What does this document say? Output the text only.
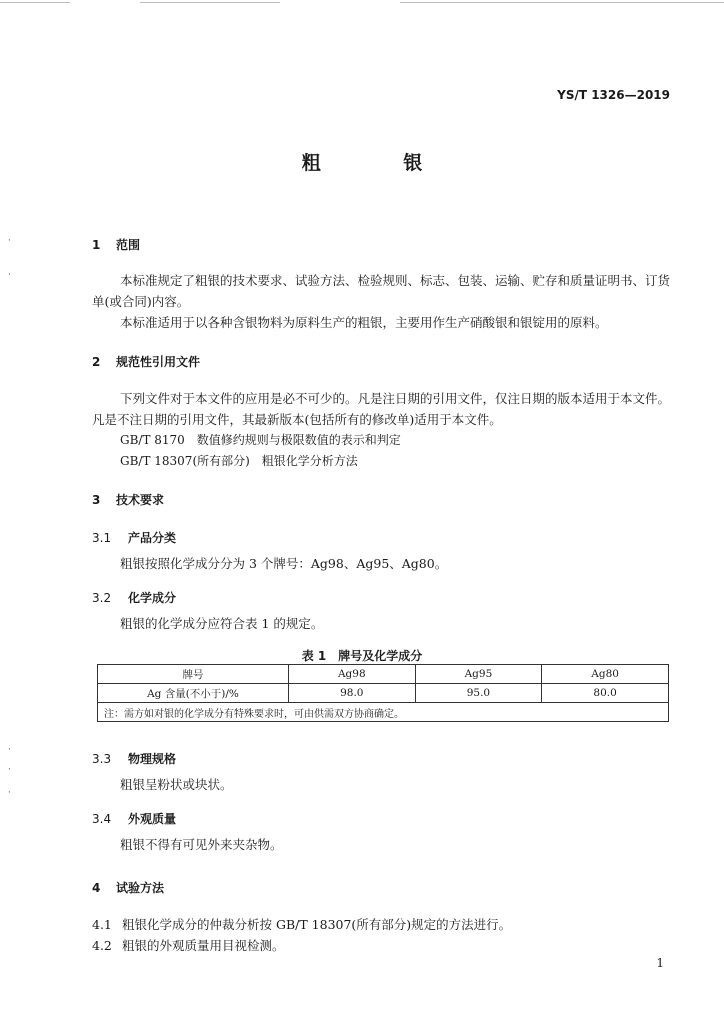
YS/T 1326—2019
粗 银
·
·
·
·
·
1 范围
本标准规定了粗银的技术要求、试验方法、检验规则、标志、包装、运输、贮存和质量证明书、订货单(或合同)内容。
本标准适用于以各种含银物料为原料生产的粗银，主要用作生产硝酸银和银锭用的原料。
2 规范性引用文件
下列文件对于本文件的应用是必不可少的。凡是注日期的引用文件，仅注日期的版本适用于本文件。凡是不注日期的引用文件，其最新版本(包括所有的修改单)适用于本文件。
GB/T 8170　数值修约规则与极限数值的表示和判定
GB/T 18307(所有部分)　粗银化学分析方法
3 技术要求
3.1 产品分类
粗银按照化学成分分为 3 个牌号：Ag98、Ag95、Ag80。
3.2 化学成分
粗银的化学成分应符合表 1 的规定。
表 1　牌号及化学成分
牌号	Ag98	Ag95	Ag80
Ag 含量(不小于)/%	98.0	95.0	80.0
注：需方如对银的化学成分有特殊要求时，可由供需双方协商确定。			
3.3 物理规格
粗银呈粉状或块状。
3.4 外观质量
粗银不得有可见外来夹杂物。
4 试验方法
4.1 粗银化学成分的仲裁分析按 GB/T 18307(所有部分)规定的方法进行。
4.2 粗银的外观质量用目视检测。
1
